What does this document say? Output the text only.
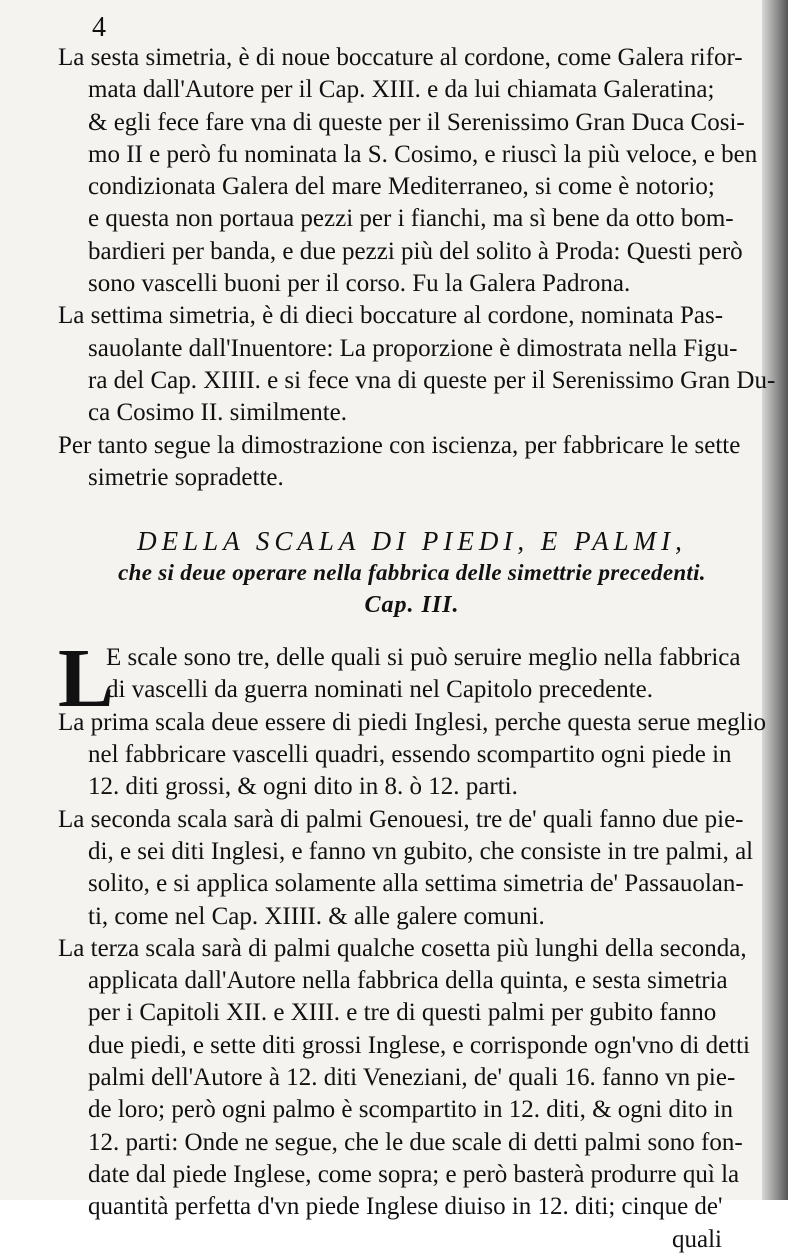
4
La sesta simetria, è di noue boccature al cordone, come Galera rifor-
mata dall'Autore per il Cap. XIII. e da lui chiamata Galeratina;
& egli fece fare vna di queste per il Serenissimo Gran Duca Cosi-
mo II e però fu nominata la S. Cosimo, e riuscì la più veloce, e ben
condizionata Galera del mare Mediterraneo, si come è notorio;
e questa non portaua pezzi per i fianchi, ma sì bene da otto bom-
bardieri per banda, e due pezzi più del solito à Proda: Questi però
sono vascelli buoni per il corso. Fu la Galera Padrona.
La settima simetria, è di dieci boccature al cordone, nominata Pas-
sauolante dall'Inuentore: La proporzione è dimostrata nella Figu-
ra del Cap. XIIII. e si fece vna di queste per il Serenissimo Gran Du-
ca Cosimo II. similmente.
Per tanto segue la dimostrazione con iscienza, per fabbricare le sette
simetrie sopradette.
DELLA SCALA DI PIEDI, E PALMI,
che si deue operare nella fabbrica delle simettrie precedenti.
Cap. III.
L
E scale sono tre, delle quali si può seruire meglio nella fabbrica
di vascelli da guerra nominati nel Capitolo precedente.
La prima scala deue essere di piedi Inglesi, perche questa serue meglio
nel fabbricare vascelli quadri, essendo scompartito ogni piede in
12. diti grossi, & ogni dito in 8. ò 12. parti.
La seconda scala sarà di palmi Genouesi, tre de' quali fanno due pie-
di, e sei diti Inglesi, e fanno vn gubito, che consiste in tre palmi, al
solito, e si applica solamente alla settima simetria de' Passauolan-
ti, come nel Cap. XIIII. & alle galere comuni.
La terza scala sarà di palmi qualche cosetta più lunghi della seconda,
applicata dall'Autore nella fabbrica della quinta, e sesta simetria
per i Capitoli XII. e XIII. e tre di questi palmi per gubito fanno
due piedi, e sette diti grossi Inglese, e corrisponde ogn'vno di detti
palmi dell'Autore à 12. diti Veneziani, de' quali 16. fanno vn pie-
de loro; però ogni palmo è scompartito in 12. diti, & ogni dito in
12. parti: Onde ne segue, che le due scale di detti palmi sono fon-
date dal piede Inglese, come sopra; e però basterà produrre quì la
quantità perfetta d'vn piede Inglese diuiso in 12. diti; cinque de'
quali
